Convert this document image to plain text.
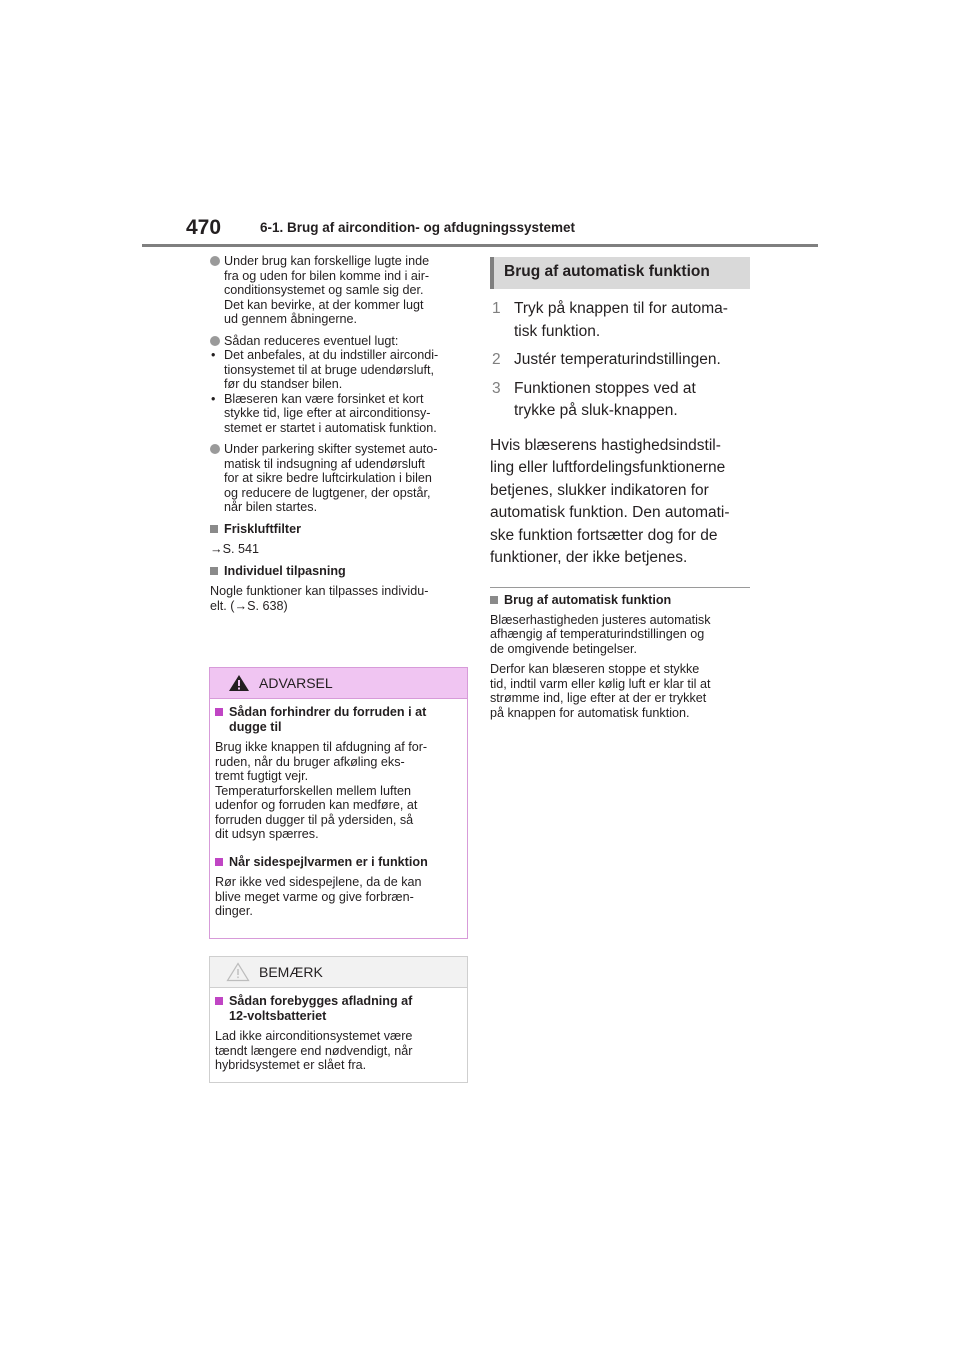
470	6-1. Brug af aircondition- og afdugningssystemet
Under brug kan forskellige lugte inde
fra og uden for bilen komme ind i air-
conditionsystemet og samle sig der.
Det kan bevirke, at der kommer lugt
ud gennem åbningerne.
Sådan reduceres eventuel lugt:
• Det anbefales, at du indstiller aircondi-
tionsystemet til at bruge udendørsluft,
før du standser bilen.
• Blæseren kan være forsinket et kort
stykke tid, lige efter at airconditionsy-
stemet er startet i automatisk funktion.
Under parkering skifter systemet auto-
matisk til indsugning af udendørsluft
for at sikre bedre luftcirkulation i bilen
og reducere de lugtgener, der opstår,
når bilen startes.
Friskluftfilter
→S. 541
Individuel tilpasning
Nogle funktioner kan tilpasses individu-
elt. (→S. 638)
ADVARSEL
Sådan forhindrer du forruden i at
dugge til
Brug ikke knappen til afdugning af for-
ruden, når du bruger afkøling eks-
tremt fugtigt vejr.
Temperaturforskellen mellem luften
udenfor og forruden kan medføre, at
forruden dugger til på ydersiden, så
dit udsyn spærres.
Når sidespejlvarmen er i funktion
Rør ikke ved sidespejlene, da de kan
blive meget varme og give forbræn-
dinger.
BEMÆRK
Sådan forebygges afladning af
12-voltsbatteriet
Lad ikke airconditionsystemet være
tændt længere end nødvendigt, når
hybridsystemet er slået fra.
Brug af automatisk funktion
1 Tryk på knappen til for automa-
tisk funktion.
2 Justér temperaturindstillingen.
3 Funktionen stoppes ved at
trykke på sluk-knappen.
Hvis blæserens hastighedsindstil-
ling eller luftfordelingsfunktionerne
betjenes, slukker indikatoren for
automatisk funktion. Den automati-
ske funktion fortsætter dog for de
funktioner, der ikke betjenes.
Brug af automatisk funktion
Blæserhastigheden justeres automatisk
afhængig af temperaturindstillingen og
de omgivende betingelser.
Derfor kan blæseren stoppe et stykke
tid, indtil varm eller kølig luft er klar til at
strømme ind, lige efter at der er trykket
på knappen for automatisk funktion.
